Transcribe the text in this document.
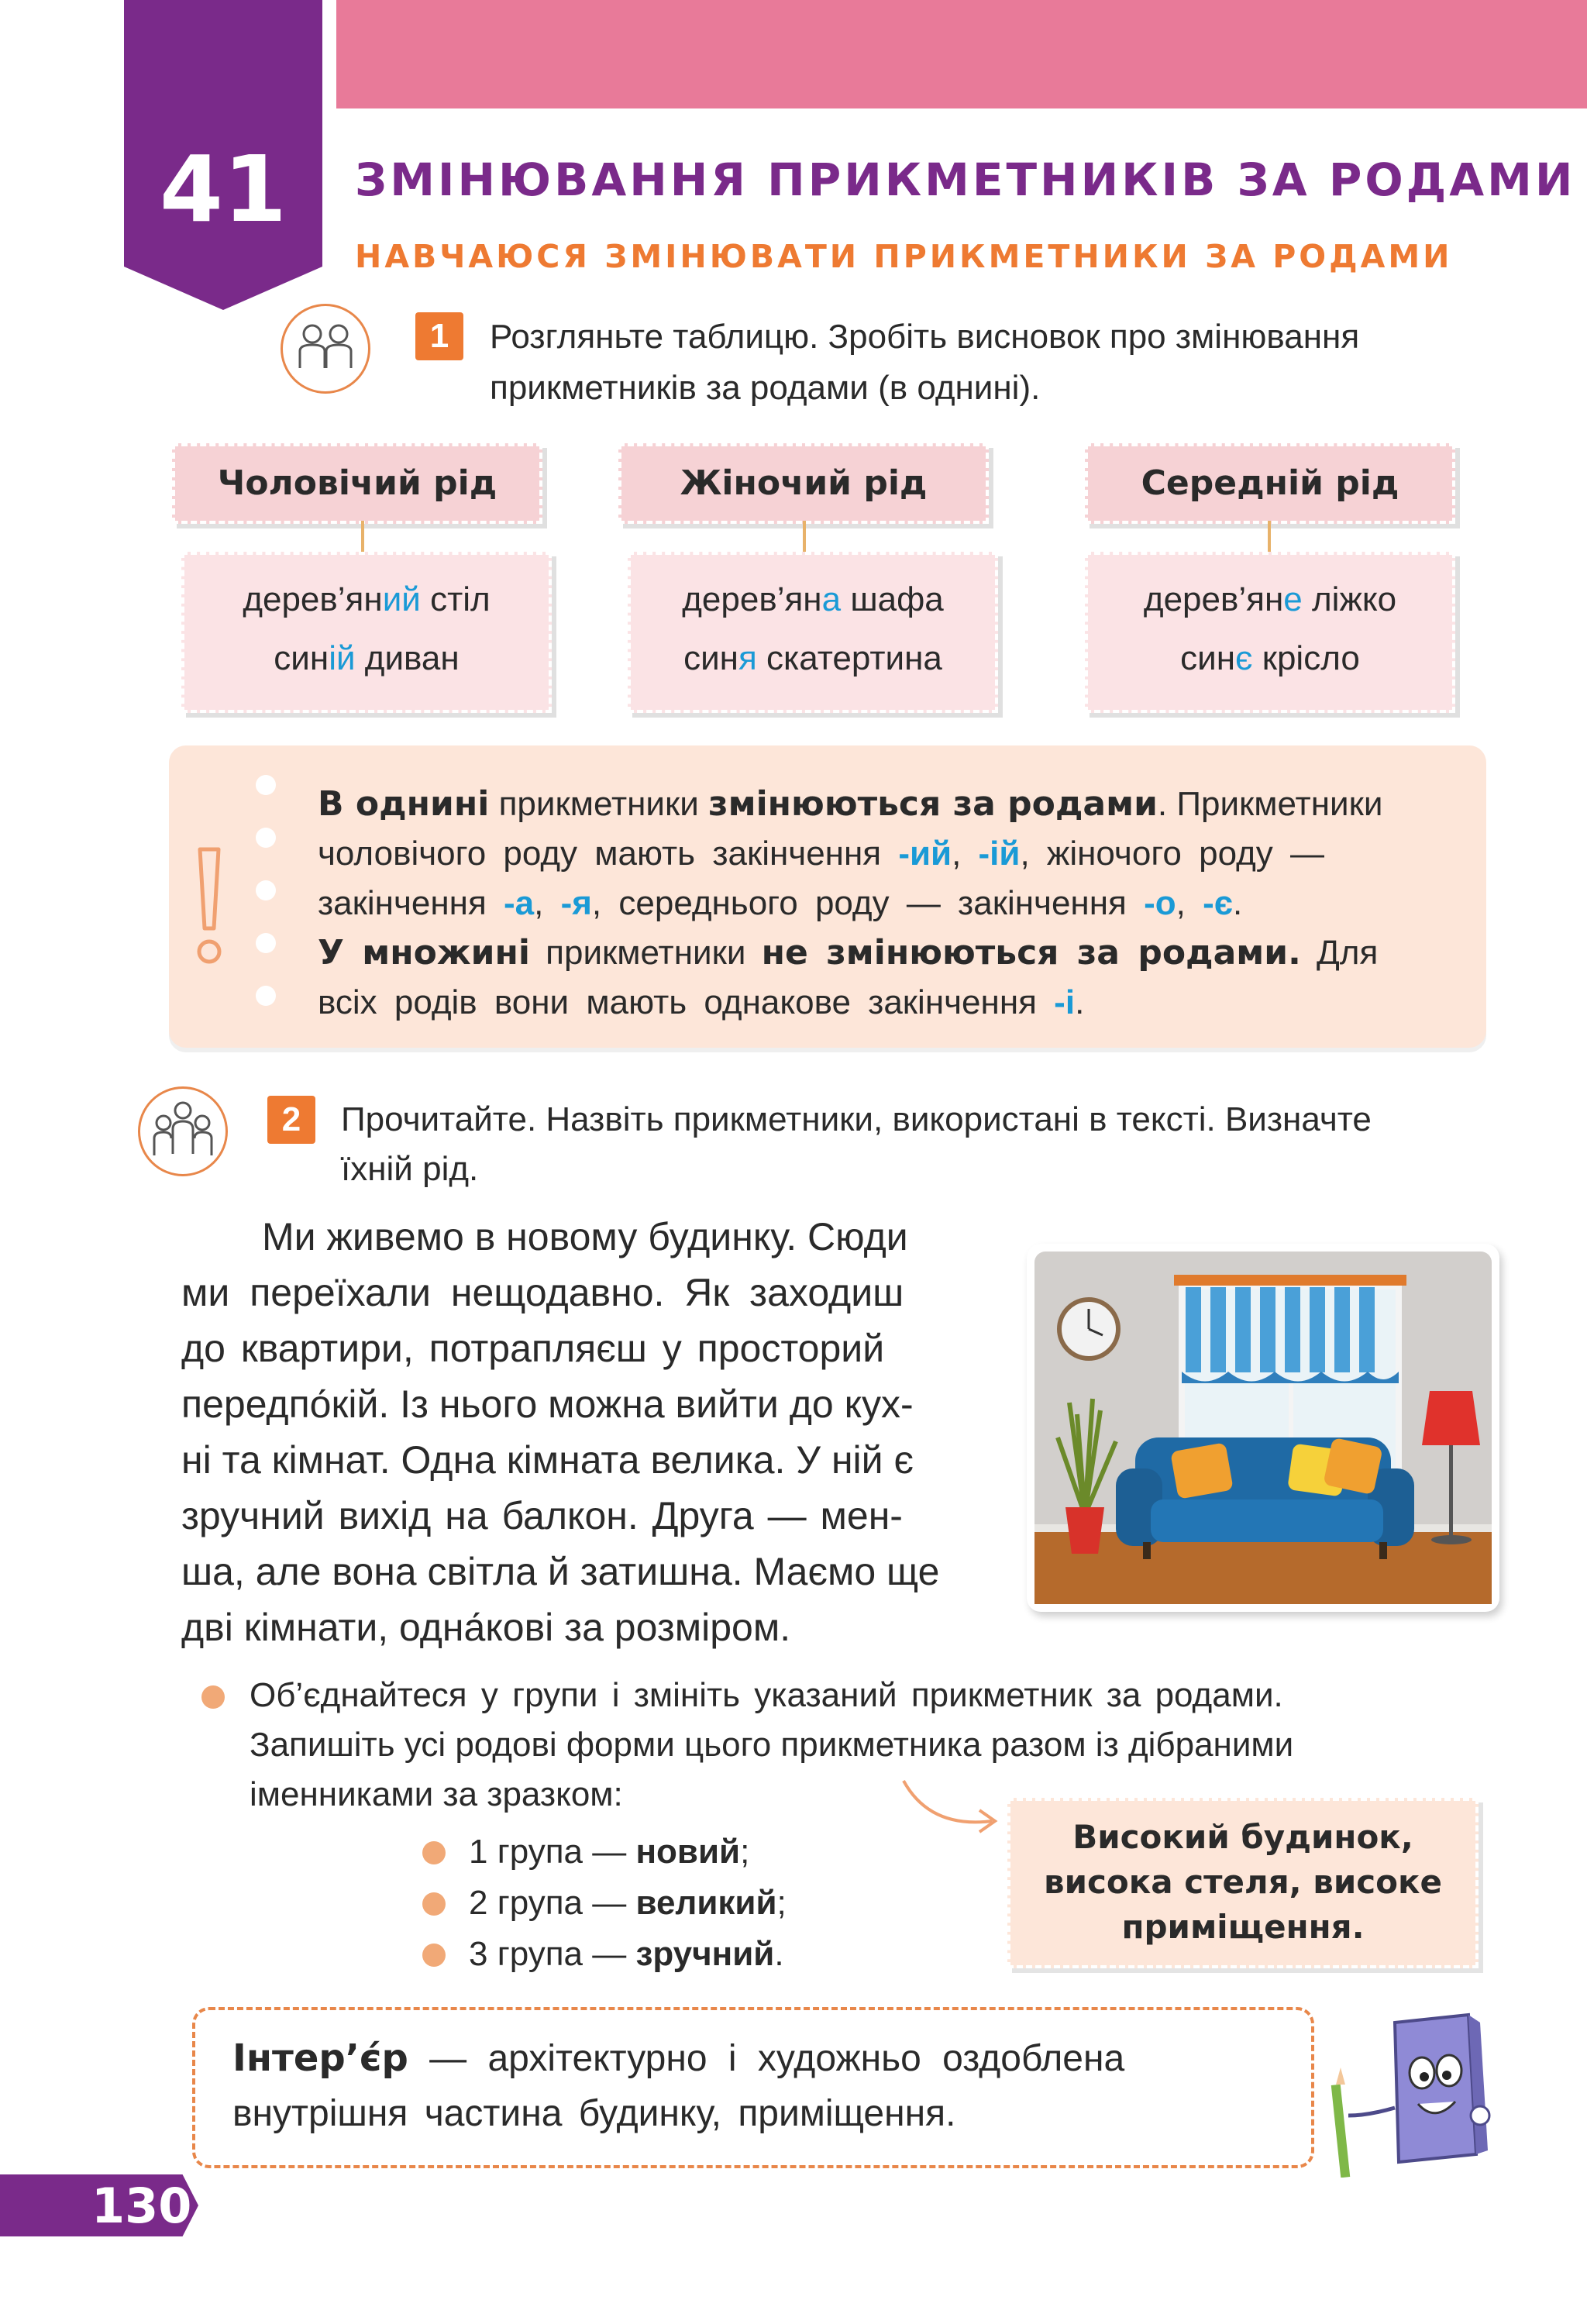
41	ЗМІНЮВАННЯ ПРИКМЕТНИКІВ ЗА РОДАМИ
НАВЧАЮСЯ ЗМІНЮВАТИ ПРИКМЕТНИКИ ЗА РОДАМИ
1	Розгляньте таблицю. Зробіть висновок про змінювання
прикметників за родами (в однині).
Чоловічий рід
дерев’яний стіл
синій диван
Жіночий рід
дерев’яна шафа
синя скатертина
Середній рід
дерев’яне ліжко
синє крісло
В однині прикметники змінюються за родами. Прикметники
чоловічого роду мають закінчення -ий, -ій, жіночого роду —
закінчення -а, -я, середнього роду — закінчення -о, -є.
У множині прикметники не змінюються за родами. Для
всіх родів вони мають однакове закінчення -і.
2	Прочитайте. Назвіть прикметники, використані в тексті. Визначте
їхній рід.
Ми живемо в новому будинку. Сюди
ми переїхали нещодавно. Як заходиш
до квартири, потрапляєш у просторий
передпо́кій. Із нього можна вийти до кух-
ні та кімнат. Одна кімната велика. У ній є
зручний вихід на балкон. Друга — мен-
ша, але вона світла й затишна. Маємо ще
дві кімнати, одна́кові за розміром.
Об’єднайтеся у групи і змініть указаний прикметник за родами.
Запишіть усі родові форми цього прикметника разом із дібраними
іменниками за зразком:
1 група — новий;
2 група — великий;
3 група — зручний.
Високий будинок,
висока стеля, високе
приміщення.
Інтер’є́р — архітектурно і художньо оздоблена
внутрішня частина будинку, приміщення.
130
